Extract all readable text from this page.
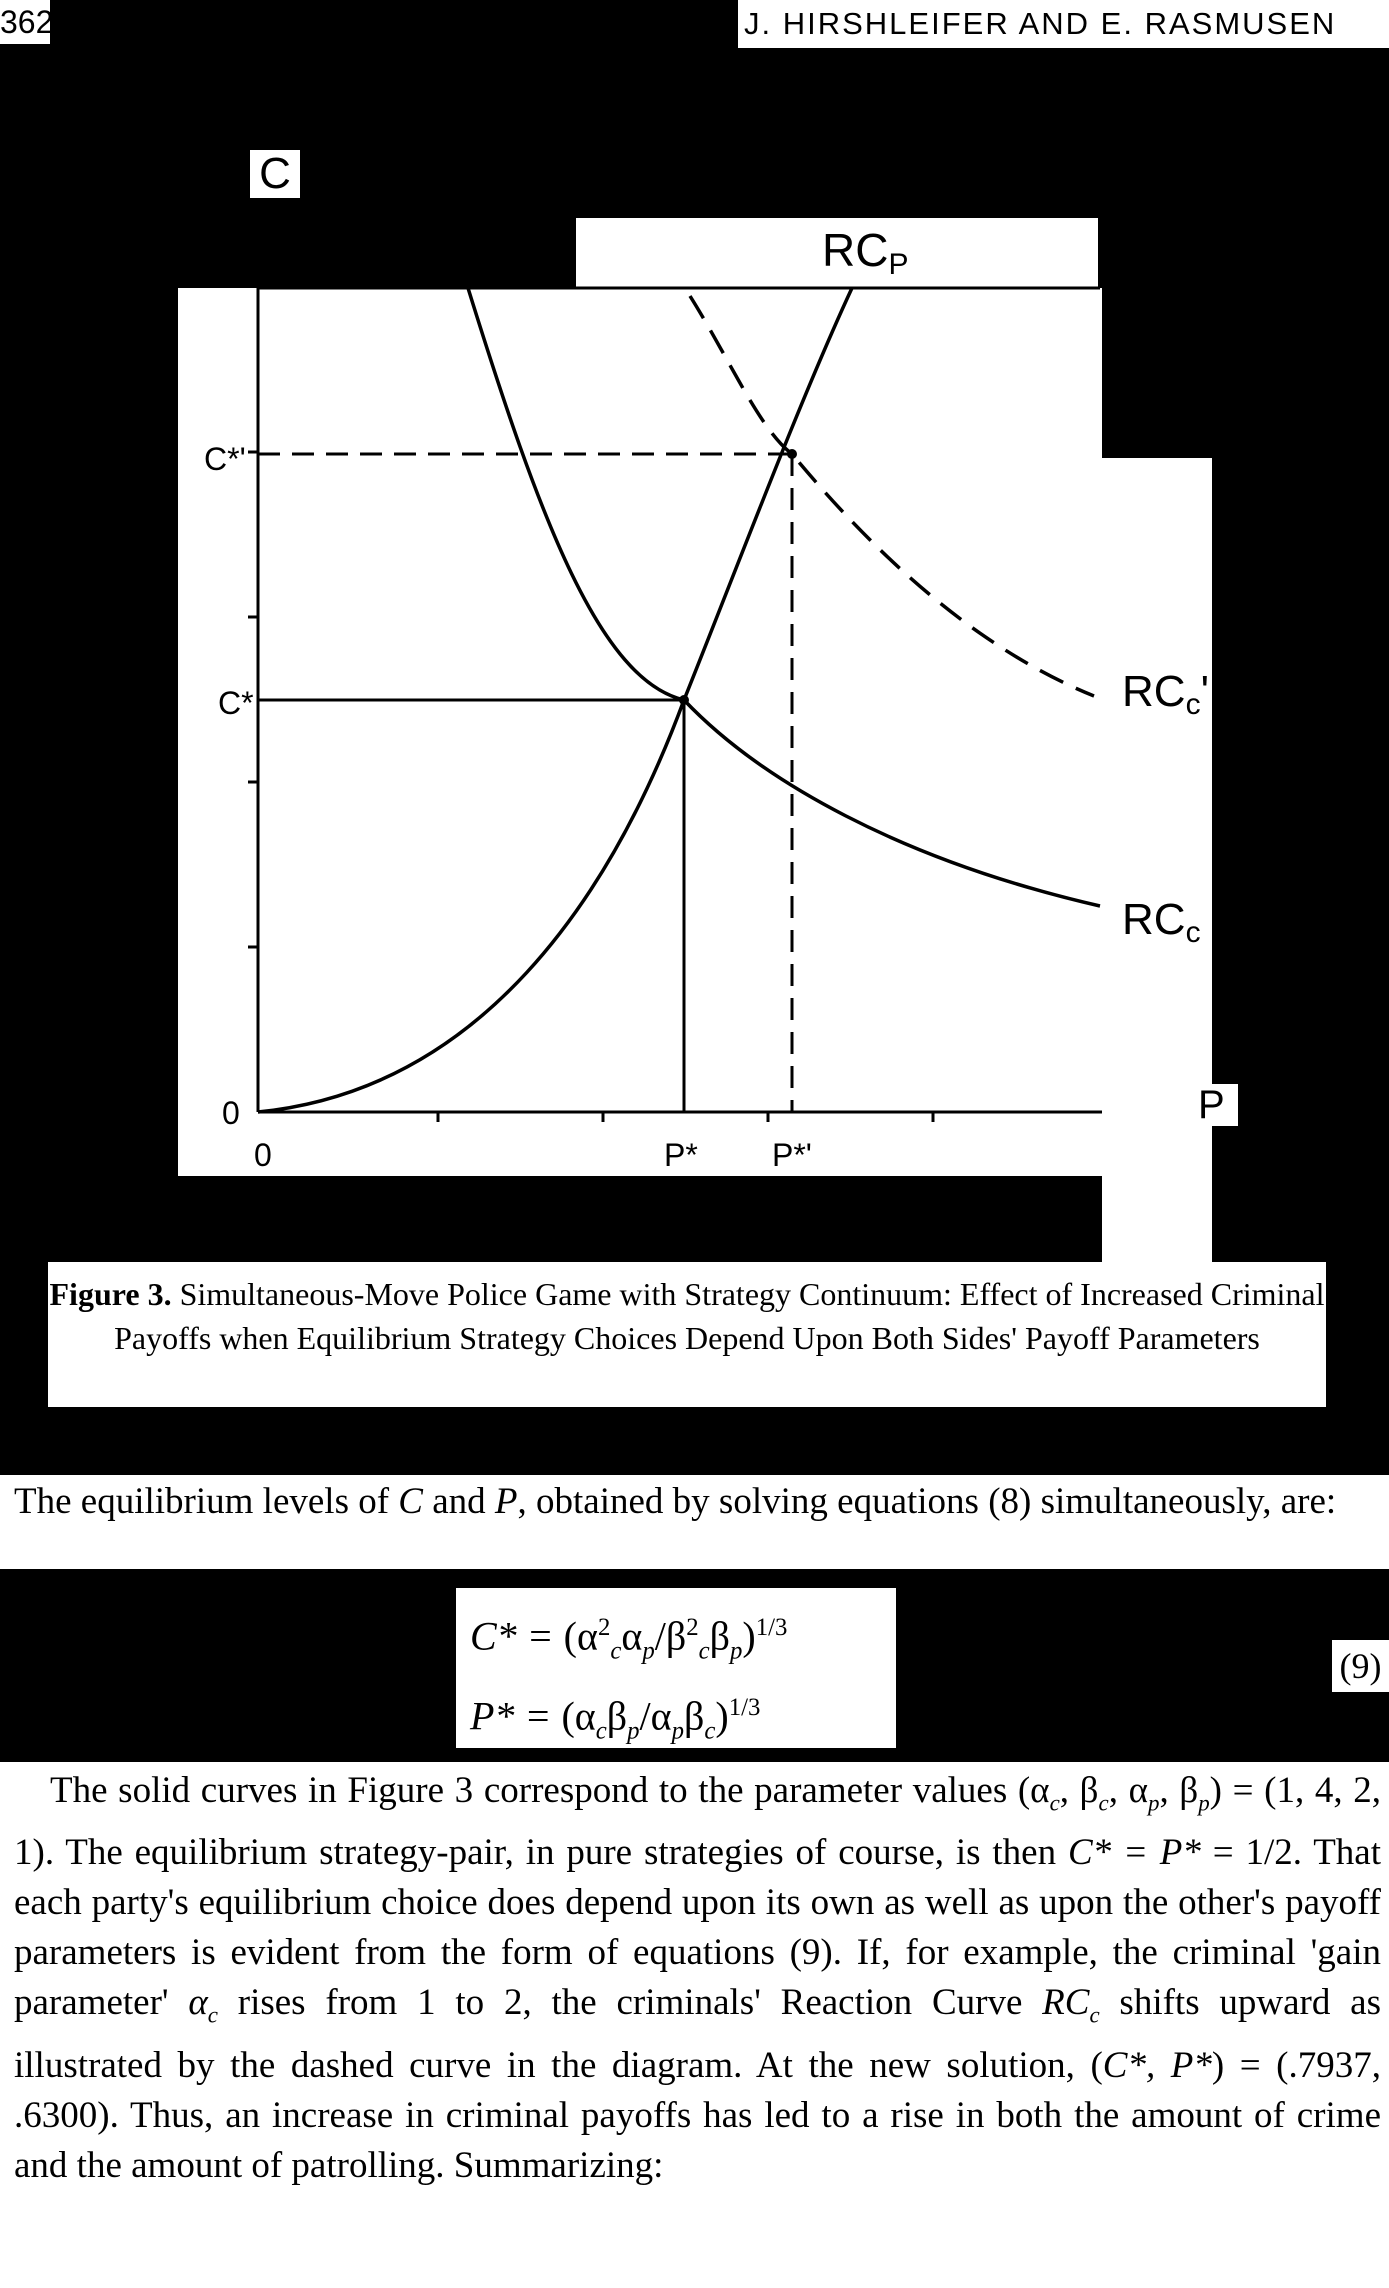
362	J. HIRSHLEIFER AND E. RASMUSEN
C
RCP
RCc'
RCc
C*
C*'
0
0	P* P*'
P
Figure 3. Simultaneous-Move Police Game with Strategy Continuum: Effect of Increased Criminal Payoffs when Equilibrium Strategy Choices Depend Upon Both Sides' Payoff Parameters
The equilibrium levels of C and P, obtained by solving equations (8) simultaneously, are:
$C* = (\alpha^2_c\alpha_p/\beta^2_c\beta_p)^{1/3}$
$P* = (\alpha_c\beta_p/\alpha_p\beta_c)^{1/3}$
(9)
The solid curves in Figure 3 correspond to the parameter values ($\alpha_c$, $\beta_c$, $\alpha_p$, $\beta_p) = (1$, 4, 2, 1). The equilibrium strategy-pair, in pure strategies of course, is then C* = P* = 1/2. That each party's equilibrium choice does depend upon its own as well as upon the other's payoff parameters is evident from the form of equations (9). If, for example, the criminal 'gain parameter' $\alpha_c$ rises from 1 to 2, the criminals' Reaction Curve $RC_c$ shifts upward as illustrated by the dashed curve in the diagram. At the new solution, (C*, P*) = (.7937, .6300). Thus, an increase in criminal payoffs has led to a rise in both the amount of crime and the amount of patrolling. Summarizing:
